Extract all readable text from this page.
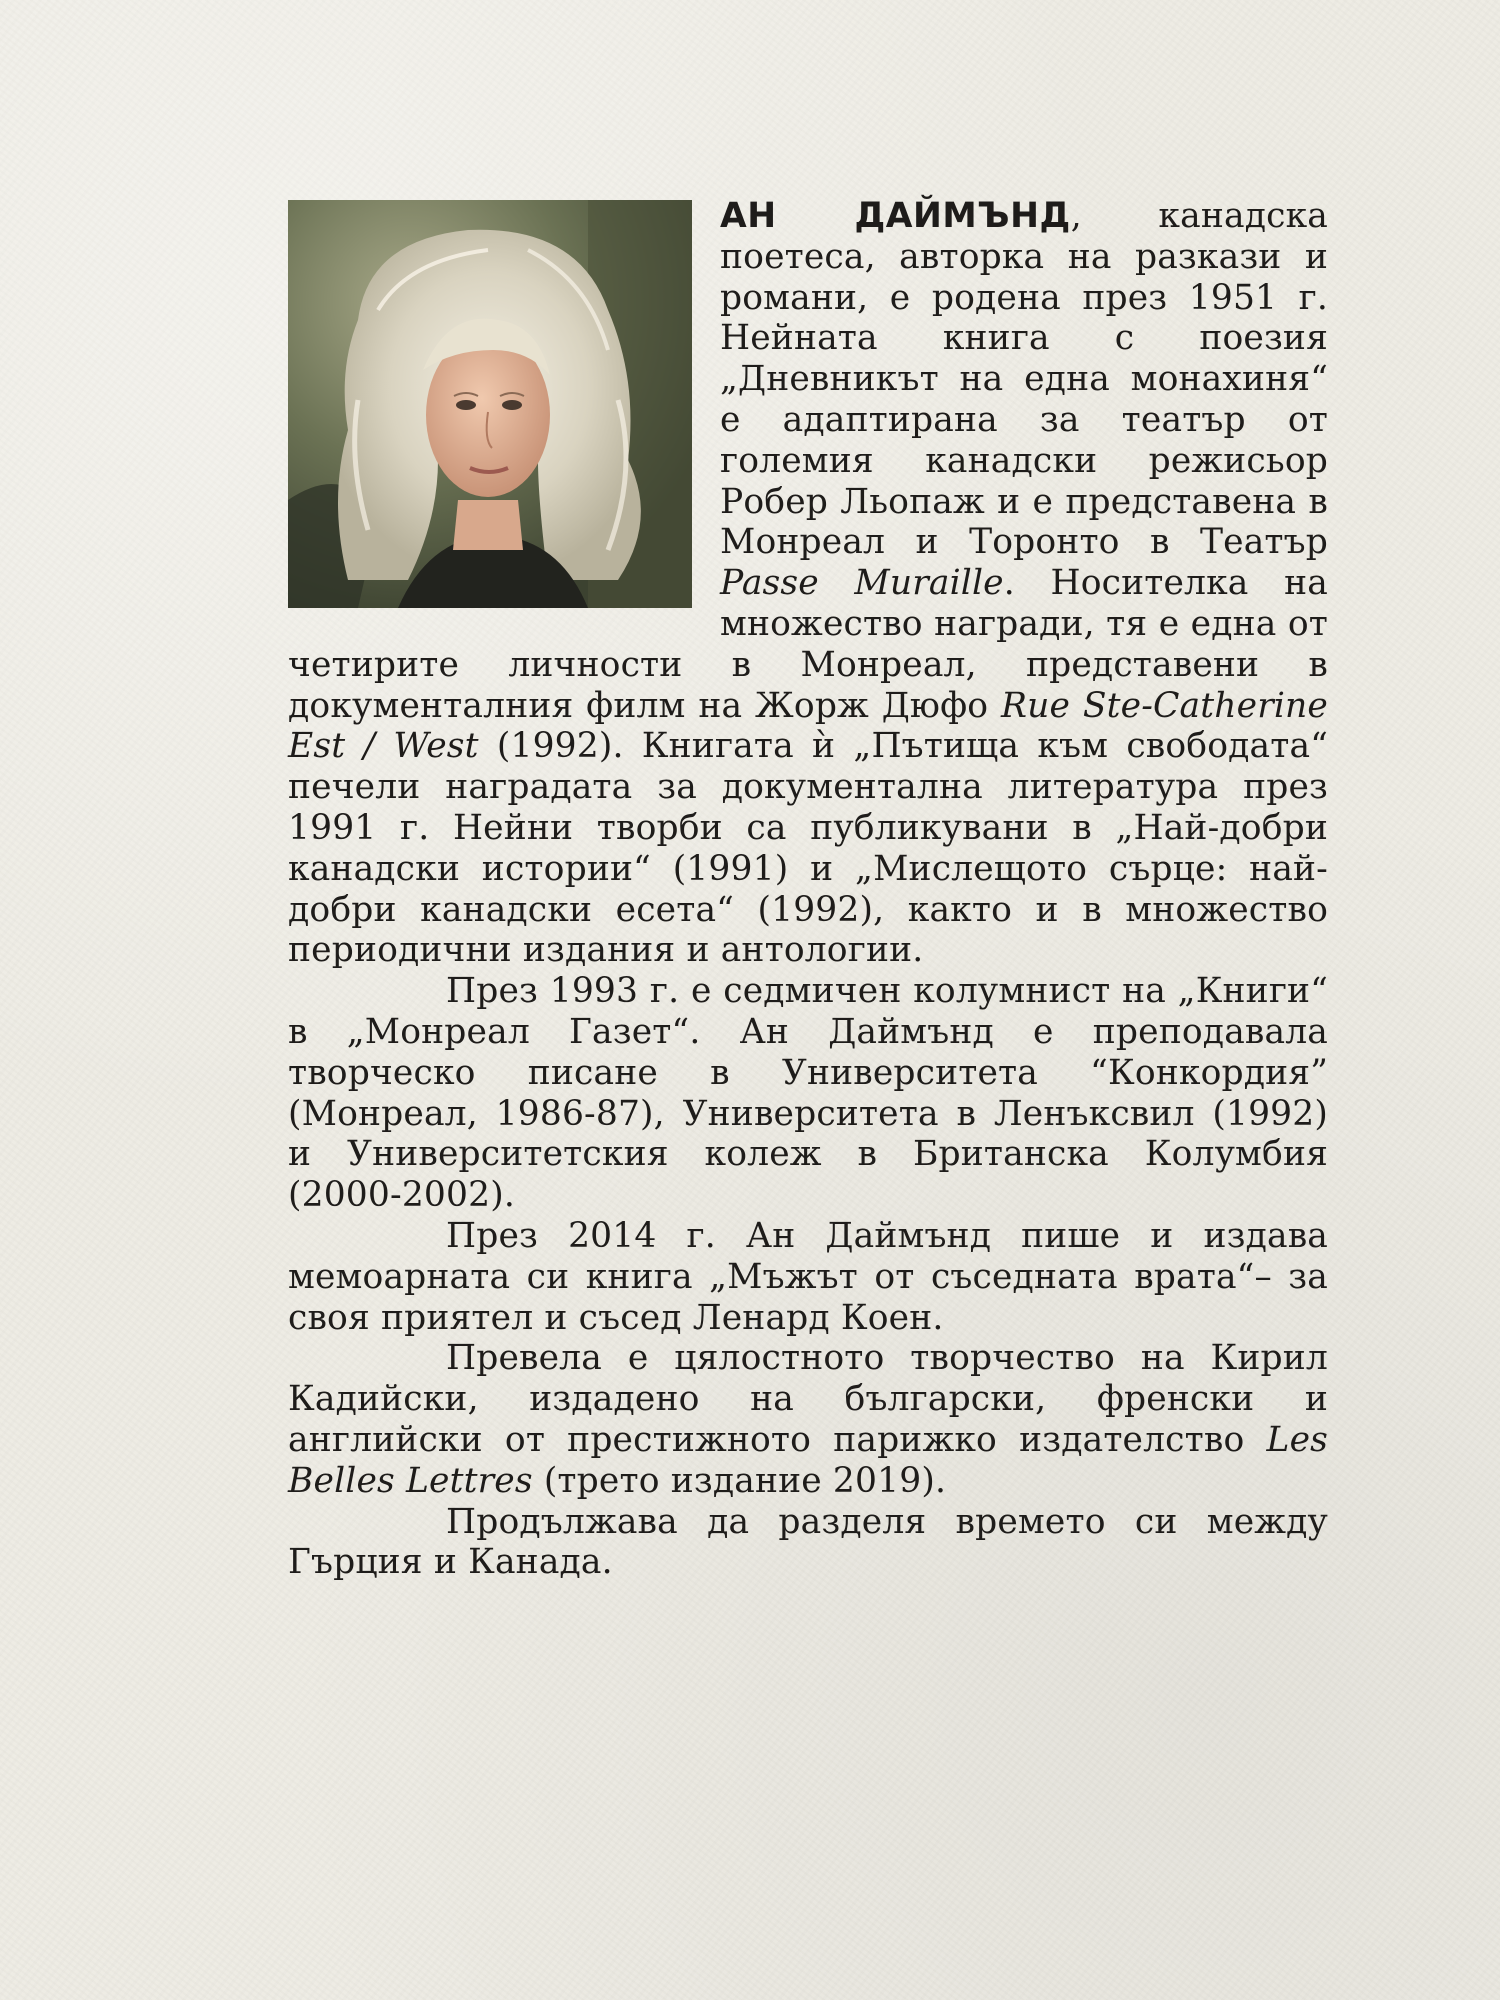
АН ДАЙМЪНД, канадска поетеса, авторка на разкази и романи, е родена през 1951 г. Нейната книга с поезия „Дневникът на една монахиня“ е адаптирана за театър от големия канадски режисьор Робер Льопаж и е представена в Монреал и Торонто в Театър Passe Muraille. Носителка на множество награди, тя е една от четирите личности в Монреал, представени в документалния филм на Жорж Дюфо Rue Ste-Catherine Est / West (1992). Книгата ѝ „Пътища към свободата“ печели наградата за документална литература през 1991 г. Нейни творби са публикувани в „Най-добри канадски истории“ (1991) и „Мислещото сърце: най-добри канадски есета“ (1992), както и в множество периодични издания и антологии.

През 1993 г. е седмичен колумнист на „Книги“ в „Монреал Газет“. Ан Даймънд е преподавала творческо писане в Университета “Конкордия” (Монреал, 1986-87), Университета в Ленъксвил (1992) и Университетския колеж в Британска Колумбия (2000-2002).

През 2014 г. Ан Даймънд пише и издава мемоарната си книга „Мъжът от съседната врата“– за своя приятел и съсед Ленард Коен.

Превела е цялостното творчество на Кирил Кадийски, издадено на български, френски и английски от престижното парижко издателство Les Belles Lettres (трето издание 2019).

Продължава да разделя времето си между Гърция и Канада.
